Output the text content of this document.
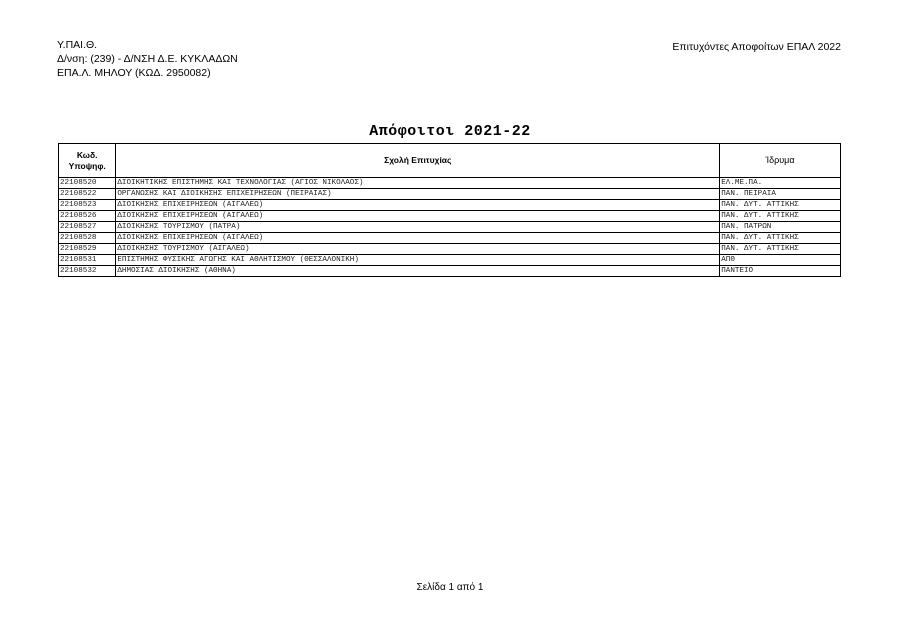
Υ.ΠΑΙ.Θ.
Δ/νση: (239) - Δ/ΝΣΗ Δ.Ε. ΚΥΚΛΑΔΩΝ
ΕΠΑ.Λ. ΜΗΛΟΥ (ΚΩΔ. 2950082)
Επιτυχόντες Αποφοίτων ΕΠΑΛ 2022
Απόφοιτοι 2021-22
Κωδ. Υποψηφ.	Σχολή Επιτυχίας	Ίδρυμα
22108520	ΔΙΟΙΚΗΤΙΚΗΣ ΕΠΙΣΤΗΜΗΣ ΚΑΙ ΤΕΧΝΟΛΟΓΙΑΣ (ΑΓΙΟΣ ΝΙΚΟΛΑΟΣ)	ΕΛ.ΜΕ.ΠΑ.
22108522	ΟΡΓΑΝΩΣΗΣ ΚΑΙ ΔΙΟΙΚΗΣΗΣ ΕΠΙΧΕΙΡΗΣΕΩΝ (ΠΕΙΡΑΙΑΣ)	ΠΑΝ. ΠΕΙΡΑΙΑ
22108523	ΔΙΟΙΚΗΣΗΣ ΕΠΙΧΕΙΡΗΣΕΩΝ (ΑΙΓΑΛΕΩ)	ΠΑΝ. ΔΥΤ. ΑΤΤΙΚΗΣ
22108526	ΔΙΟΙΚΗΣΗΣ ΕΠΙΧΕΙΡΗΣΕΩΝ (ΑΙΓΑΛΕΩ)	ΠΑΝ. ΔΥΤ. ΑΤΤΙΚΗΣ
22108527	ΔΙΟΙΚΗΣΗΣ ΤΟΥΡΙΣΜΟΥ (ΠΑΤΡΑ)	ΠΑΝ. ΠΑΤΡΩΝ
22108528	ΔΙΟΙΚΗΣΗΣ ΕΠΙΧΕΙΡΗΣΕΩΝ (ΑΙΓΑΛΕΩ)	ΠΑΝ. ΔΥΤ. ΑΤΤΙΚΗΣ
22108529	ΔΙΟΙΚΗΣΗΣ ΤΟΥΡΙΣΜΟΥ (ΑΙΓΑΛΕΩ)	ΠΑΝ. ΔΥΤ. ΑΤΤΙΚΗΣ
22108531	ΕΠΙΣΤΗΜΗΣ ΦΥΣΙΚΗΣ ΑΓΩΓΗΣ ΚΑΙ ΑΘΛΗΤΙΣΜΟΥ (ΘΕΣΣΑΛΟΝΙΚΗ)	ΑΠΘ
22108532	ΔΗΜΟΣΙΑΣ ΔΙΟΙΚΗΣΗΣ (ΑΘΗΝΑ)	ΠΑΝΤΕΙΟ
Σελίδα 1 από 1
